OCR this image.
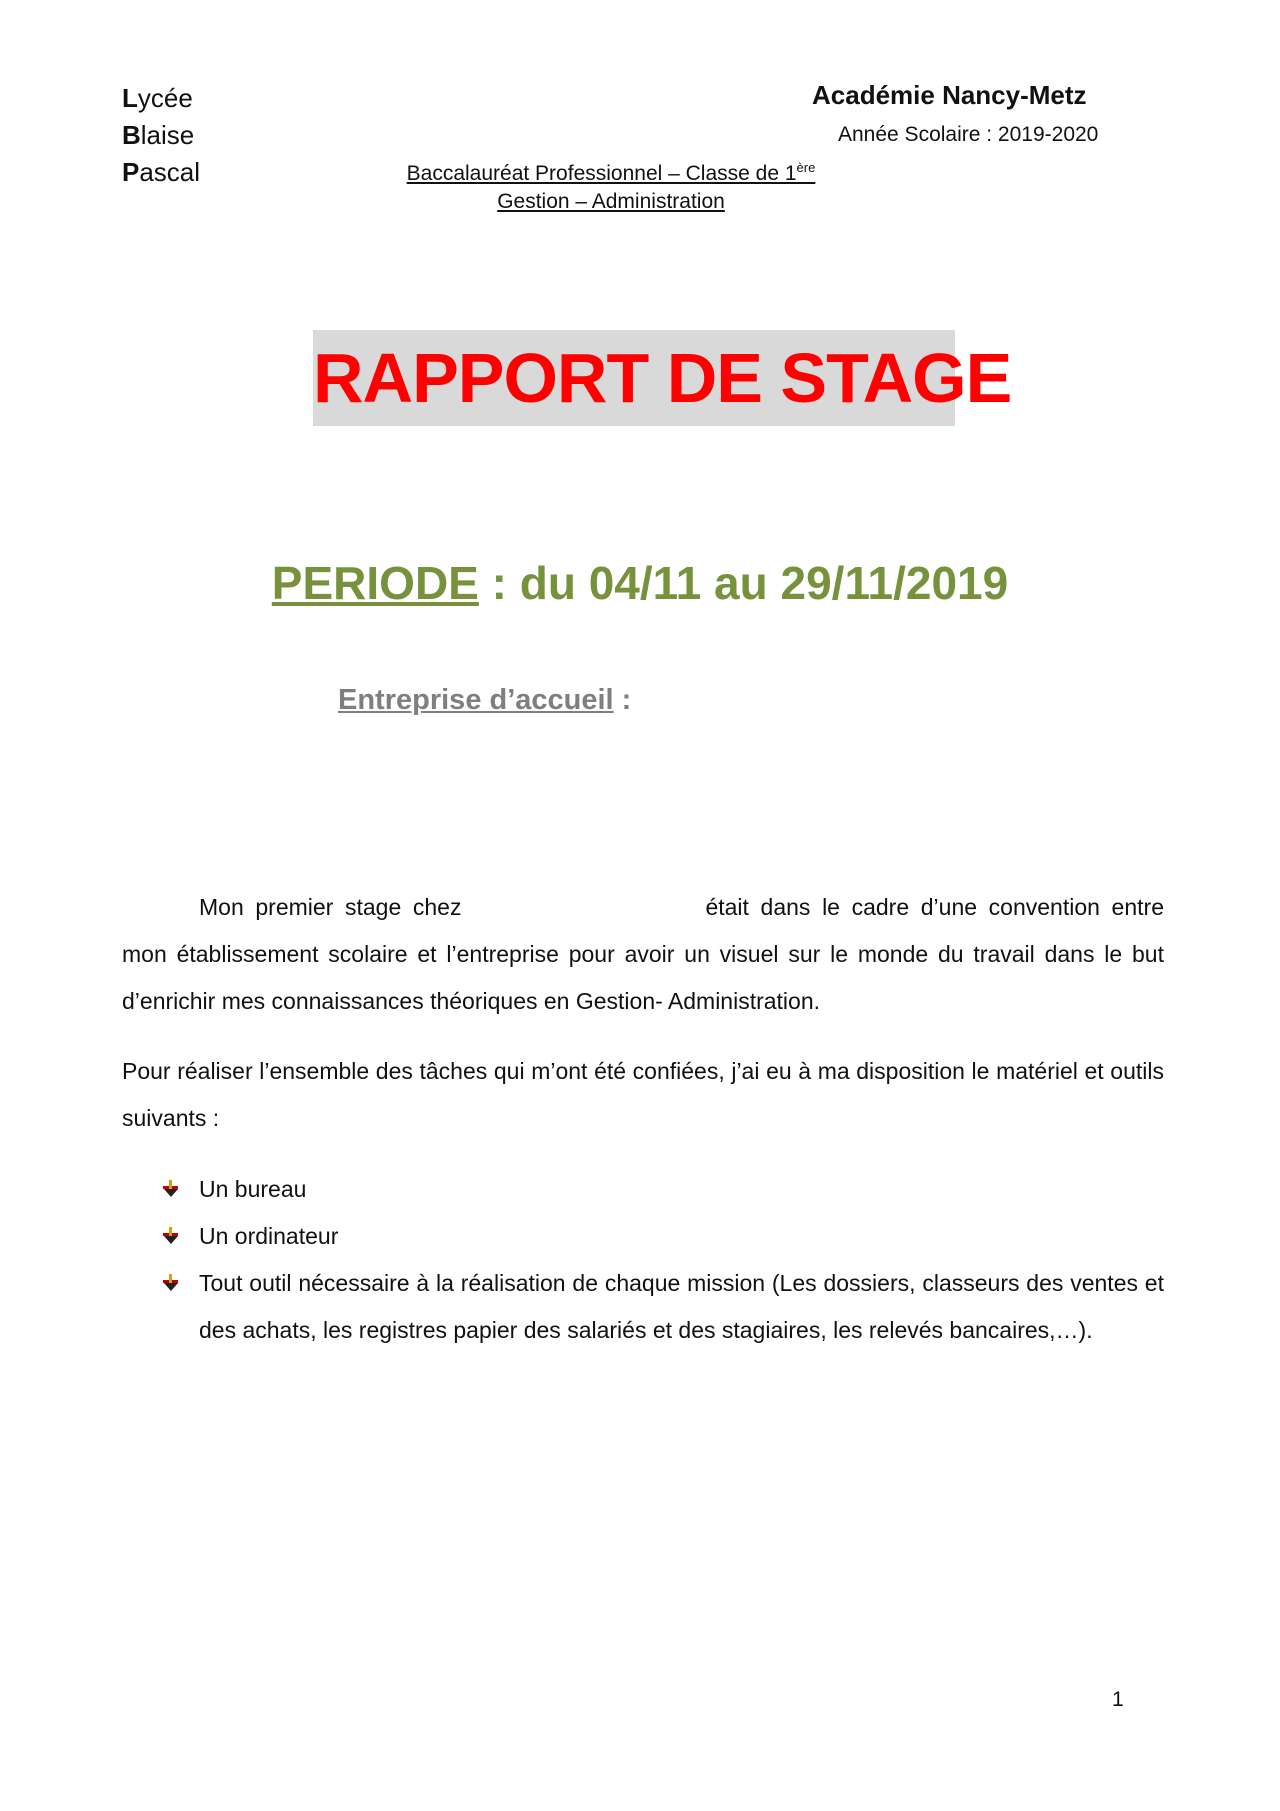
Lycée
Blaise
Pascal
Académie Nancy-Metz
Année Scolaire : 2019-2020
Baccalauréat Professionnel – Classe de 1ère
Gestion – Administration
RAPPORT DE STAGE
PERIODE : du 04/11 au 29/11/2019
Entreprise d’accueil :
Mon premier stage chez	était dans le cadre d’une convention entre mon établissement scolaire et l’entreprise pour avoir un visuel sur le monde du travail dans le but d’enrichir mes connaissances théoriques en Gestion- Administration.
Pour réaliser l’ensemble des tâches qui m’ont été confiées, j’ai eu à ma disposition le matériel et outils suivants :
Un bureau
Un ordinateur
Tout outil nécessaire à la réalisation de chaque mission (Les dossiers, classeurs des ventes et des achats, les registres papier des salariés et des stagiaires, les relevés bancaires,…).
1
